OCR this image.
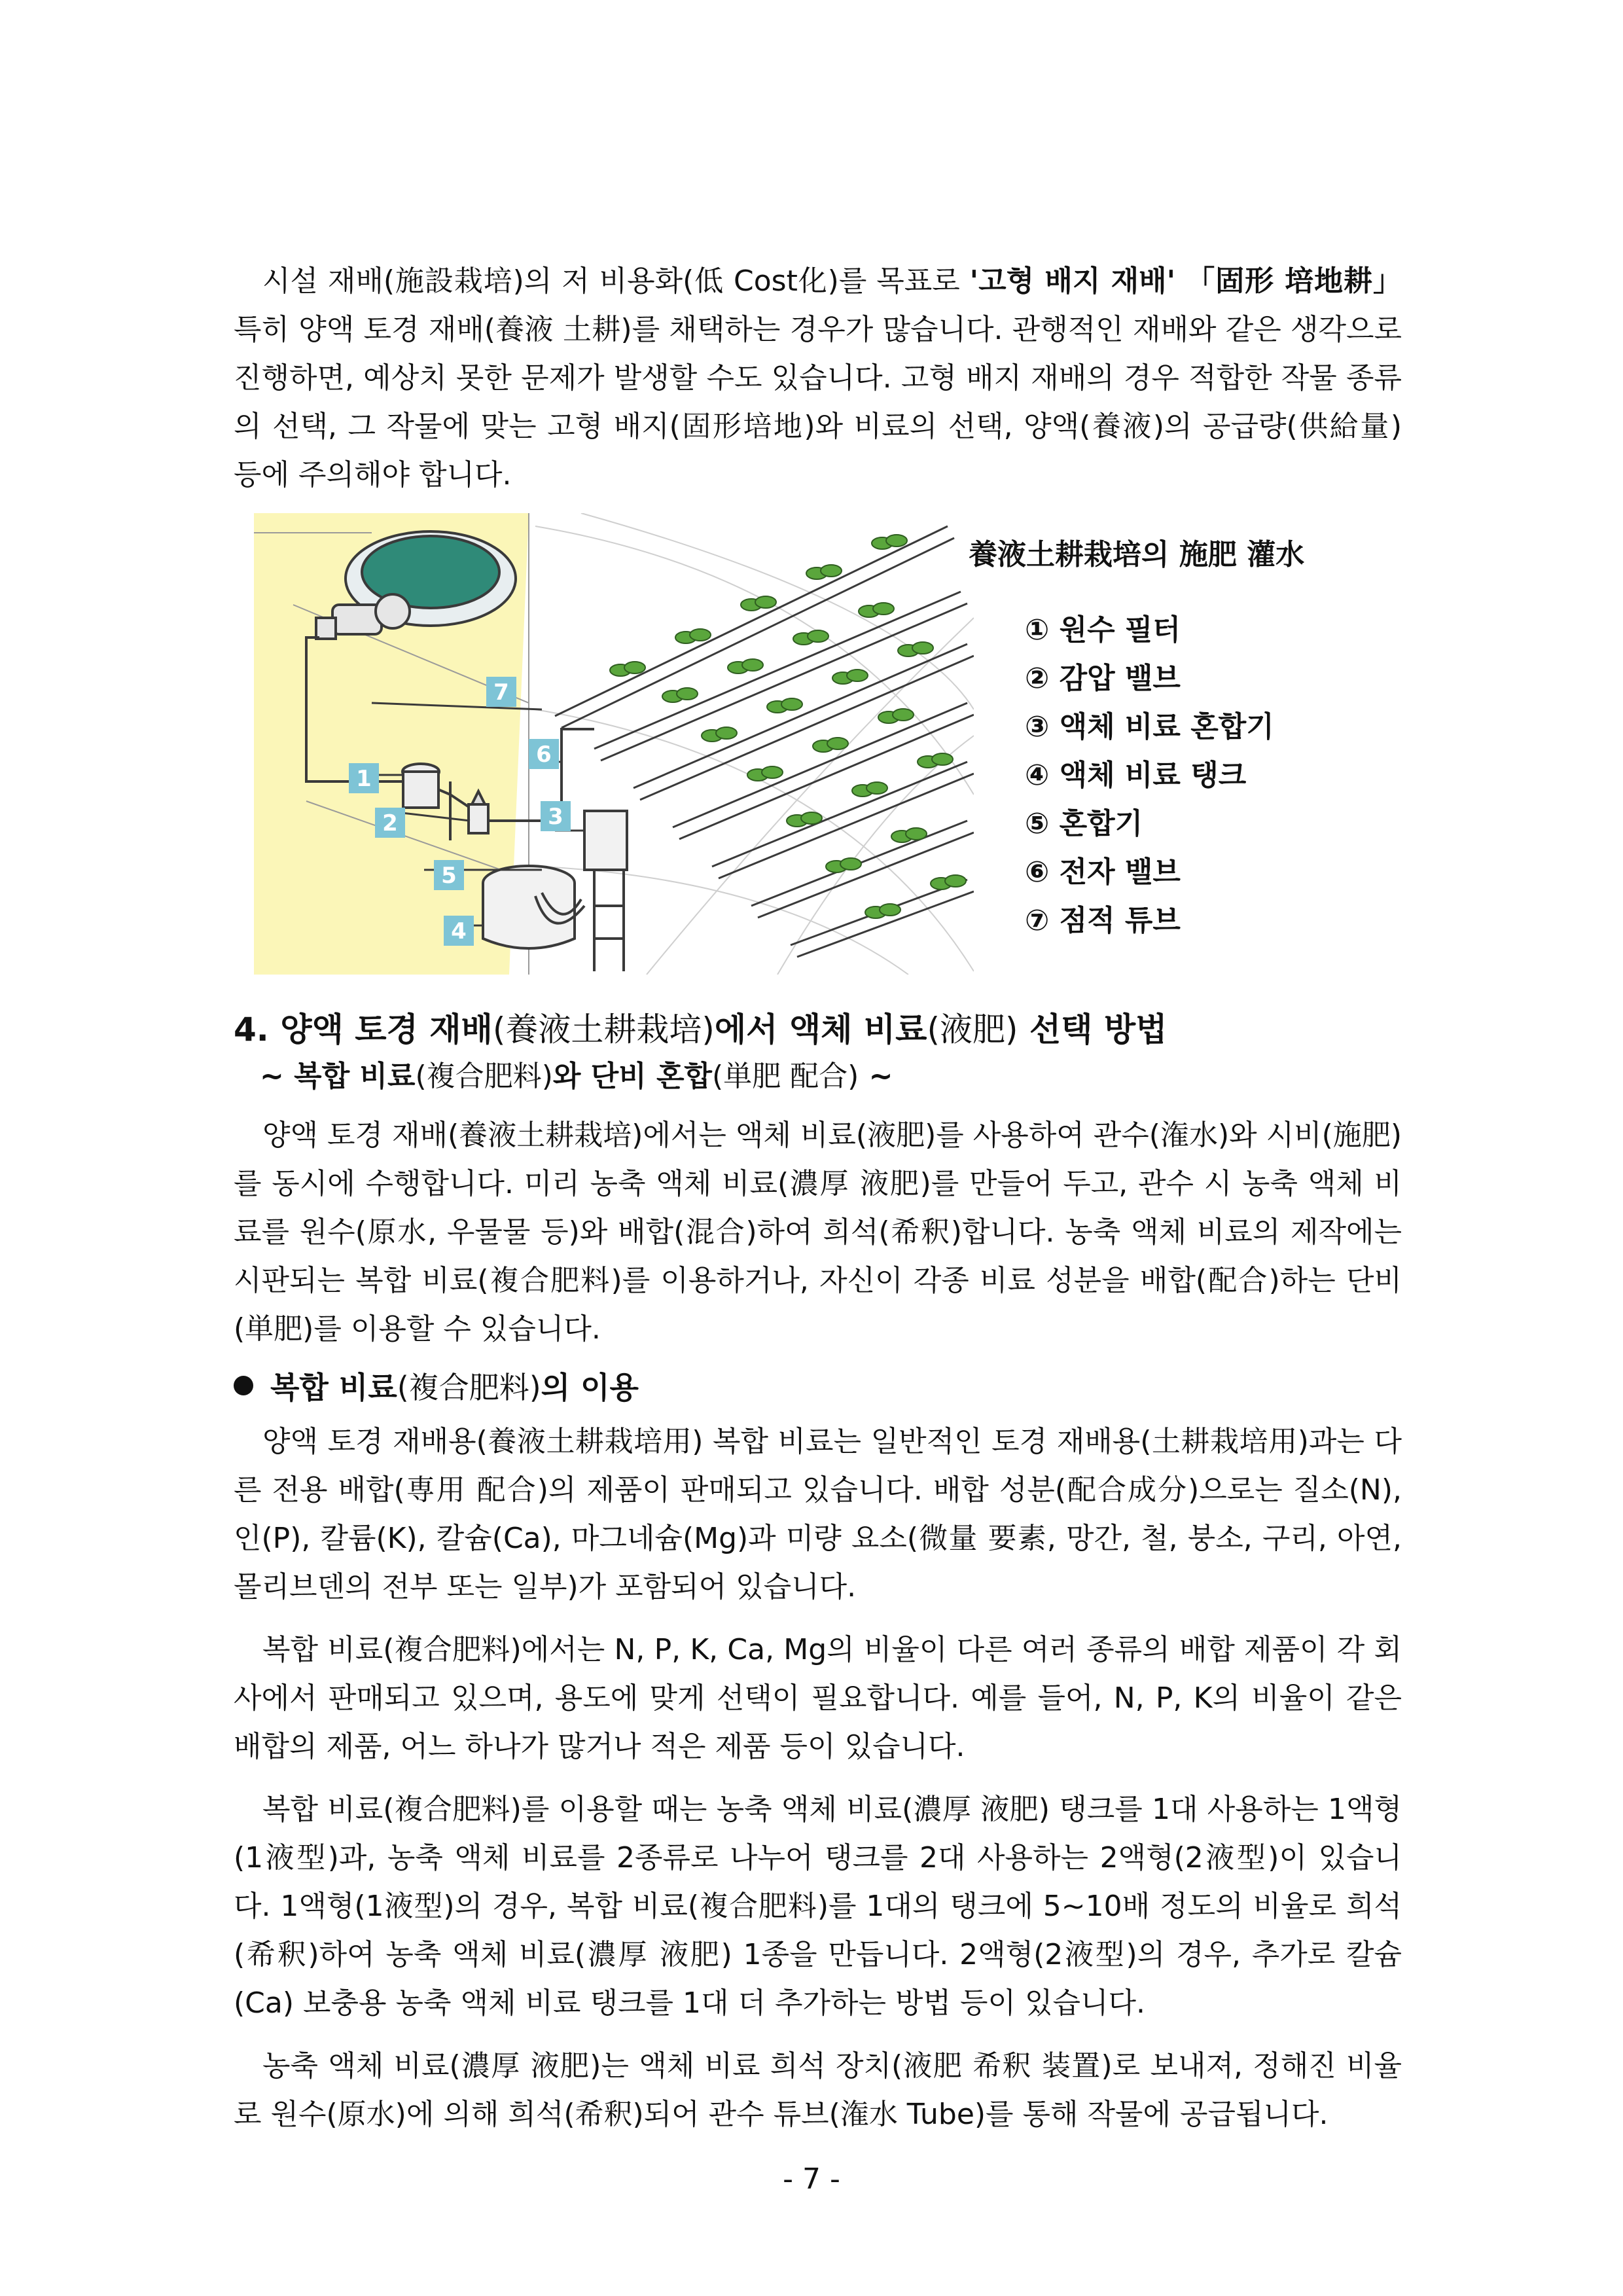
시설 재배(施設栽培)의 저 비용화(低 Cost化)를 목표로 '고형 배지 재배' 「固形 培地耕」 특히 양액 토경 재배(養液 土耕)를 채택하는 경우가 많습니다. 관행적인 재배와 같은 생각으로 진행하면, 예상치 못한 문제가 발생할 수도 있습니다. 고형 배지 재배의 경우 적합한 작물 종류의 선택, 그 작물에 맞는 고형 배지(固形培地)와 비료의 선택, 양액(養液)의 공급량(供給量) 등에 주의해야 합니다.

4. 양액 토경 재배(養液土耕栽培)에서 액체 비료(液肥) 선택 방법
~ 복합 비료(複合肥料)와 단비 혼합(単肥 配合) ~

양액 토경 재배(養液土耕栽培)에서는 액체 비료(液肥)를 사용하여 관수(潅水)와 시비(施肥)를 동시에 수행합니다. 미리 농축 액체 비료(濃厚 液肥)를 만들어 두고, 관수 시 농축 액체 비료를 원수(原水, 우물물 등)와 배합(混合)하여 희석(希釈)합니다. 농축 액체 비료의 제작에는 시판되는 복합 비료(複合肥料)를 이용하거나, 자신이 각종 비료 성분을 배합(配合)하는 단비(単肥)를 이용할 수 있습니다.

복합 비료(複合肥料)의 이용

양액 토경 재배용(養液土耕栽培用) 복합 비료는 일반적인 토경 재배용(土耕栽培用)과는 다른 전용 배합(専用 配合)의 제품이 판매되고 있습니다. 배합 성분(配合成分)으로는 질소(N), 인(P), 칼륨(K), 칼슘(Ca), 마그네슘(Mg)과 미량 요소(微量 要素, 망간, 철, 붕소, 구리, 아연, 몰리브덴의 전부 또는 일부)가 포함되어 있습니다.

복합 비료(複合肥料)에서는 N, P, K, Ca, Mg의 비율이 다른 여러 종류의 배합 제품이 각 회사에서 판매되고 있으며, 용도에 맞게 선택이 필요합니다. 예를 들어, N, P, K의 비율이 같은 배합의 제품, 어느 하나가 많거나 적은 제품 등이 있습니다.

복합 비료(複合肥料)를 이용할 때는 농축 액체 비료(濃厚 液肥) 탱크를 1대 사용하는 1액형(1液型)과, 농축 액체 비료를 2종류로 나누어 탱크를 2대 사용하는 2액형(2液型)이 있습니다. 1액형(1液型)의 경우, 복합 비료(複合肥料)를 1대의 탱크에 5~10배 정도의 비율로 희석(希釈)하여 농축 액체 비료(濃厚 液肥) 1종을 만듭니다. 2액형(2液型)의 경우, 추가로 칼슘(Ca) 보충용 농축 액체 비료 탱크를 1대 더 추가하는 방법 등이 있습니다.

농축 액체 비료(濃厚 液肥)는 액체 비료 희석 장치(液肥 希釈 装置)로 보내져, 정해진 비율로 원수(原水)에 의해 희석(希釈)되어 관수 튜브(潅水 Tube)를 통해 작물에 공급됩니다.

7
1
6
2	3
5
4
養液土耕栽培의 施肥 灌水
① 원수 필터
② 감압 밸브
③ 액체 비료 혼합기
④ 액체 비료 탱크
⑤ 혼합기
⑥ 전자 밸브
⑦ 점적 튜브
- 7 -
